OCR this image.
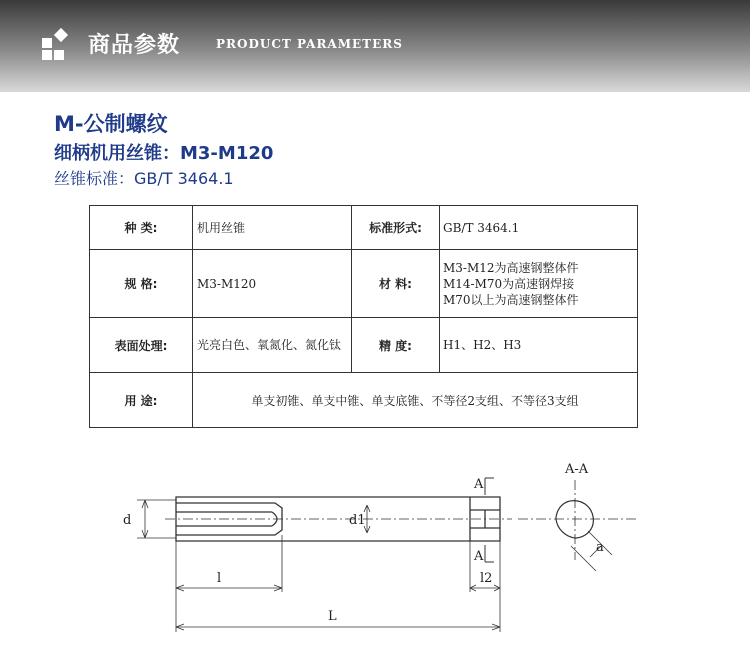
商品参数	PRODUCT PARAMETERS
M-公制螺纹
细柄机用丝锥：M3-M120
丝锥标准：GB/T 3464.1
种 类:	机用丝锥	标准形式:	GB/T 3464.1
规 格:	M3-M120	材 料:	M3-M12为高速钢整体件
M14-M70为高速钢焊接
M70以上为高速钢整体件

表面处理:	光亮白色、氧氮化、氮化钛	精 度:	H1、H2、H3
用 途:	单支初锥、单支中锥、单支底锥、不等径2支组、不等径3支组		
d	d1
l
L
l2
A
A
A-A
a
